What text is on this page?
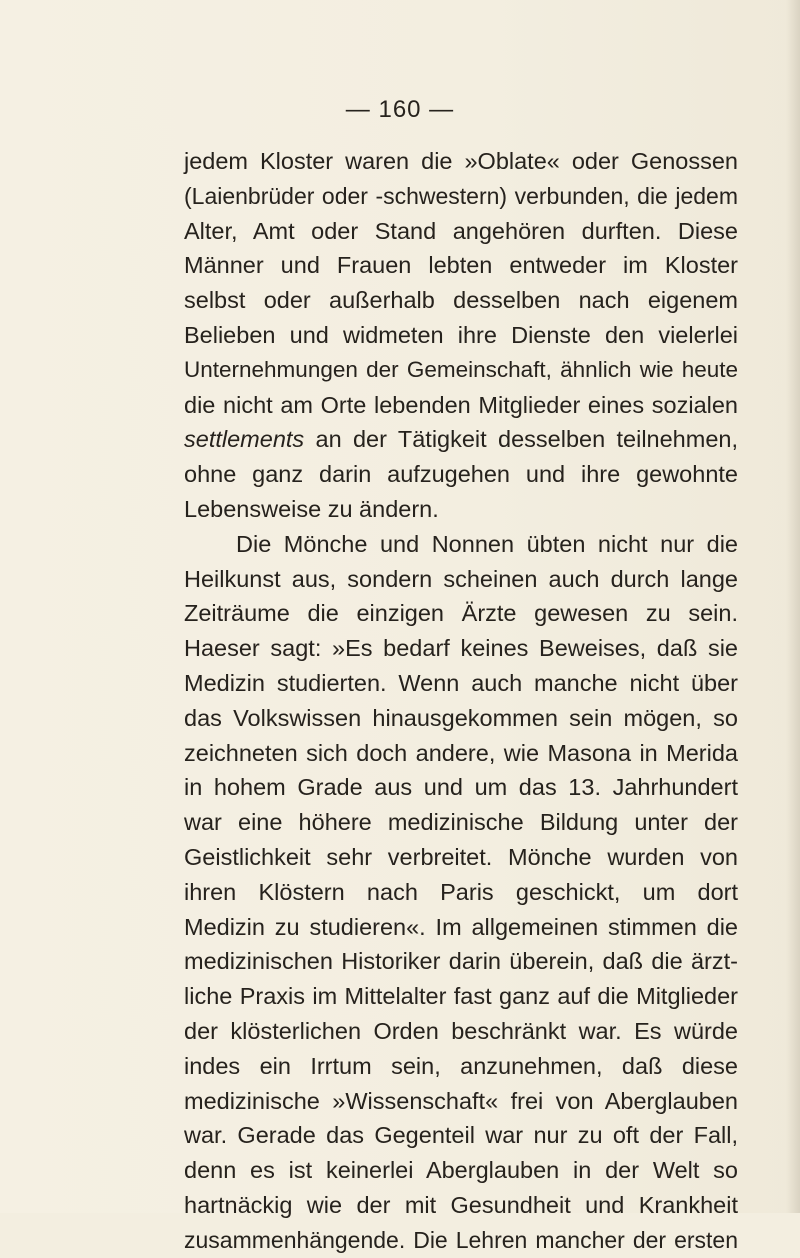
— 160 —
jedem Kloster waren die »Oblate« oder Genossen
(Laienbrüder oder -schwestern) verbunden, die jedem
Alter, Amt oder Stand angehören durften. Diese
Männer und Frauen lebten entweder im Kloster
selbst oder außerhalb desselben nach eigenem
Belieben und widmeten ihre Dienste den vielerlei
Unternehmungen der Gemeinschaft, ähnlich wie heute
die nicht am Orte lebenden Mitglieder eines sozialen
settlements an der Tätigkeit desselben teilnehmen,
ohne ganz darin aufzugehen und ihre gewohnte
Lebensweise zu ändern.
Die Mönche und Nonnen übten nicht nur die
Heilkunst aus, sondern scheinen auch durch lange
Zeiträume die einzigen Ärzte gewesen zu sein.
Haeser sagt: »Es bedarf keines Beweises, daß sie
Medizin studierten. Wenn auch manche nicht über
das Volkswissen hinausgekommen sein mögen, so
zeichneten sich doch andere, wie Masona in Merida
in hohem Grade aus und um das 13. Jahrhundert
war eine höhere medizinische Bildung unter der
Geistlichkeit sehr verbreitet. Mönche wurden von
ihren Klöstern nach Paris geschickt, um dort
Medizin zu studieren«. Im allgemeinen stimmen die
medizinischen Historiker darin überein, daß die ärzt-
liche Praxis im Mittelalter fast ganz auf die Mitglieder
der klösterlichen Orden beschränkt war. Es würde
indes ein Irrtum sein, anzunehmen, daß diese
medizinische »Wissenschaft« frei von Aberglauben
war. Gerade das Gegenteil war nur zu oft der Fall,
denn es ist keinerlei Aberglauben in der Welt so
hartnäckig wie der mit Gesundheit und Krankheit
zusammenhängende. Die Lehren mancher der ersten
